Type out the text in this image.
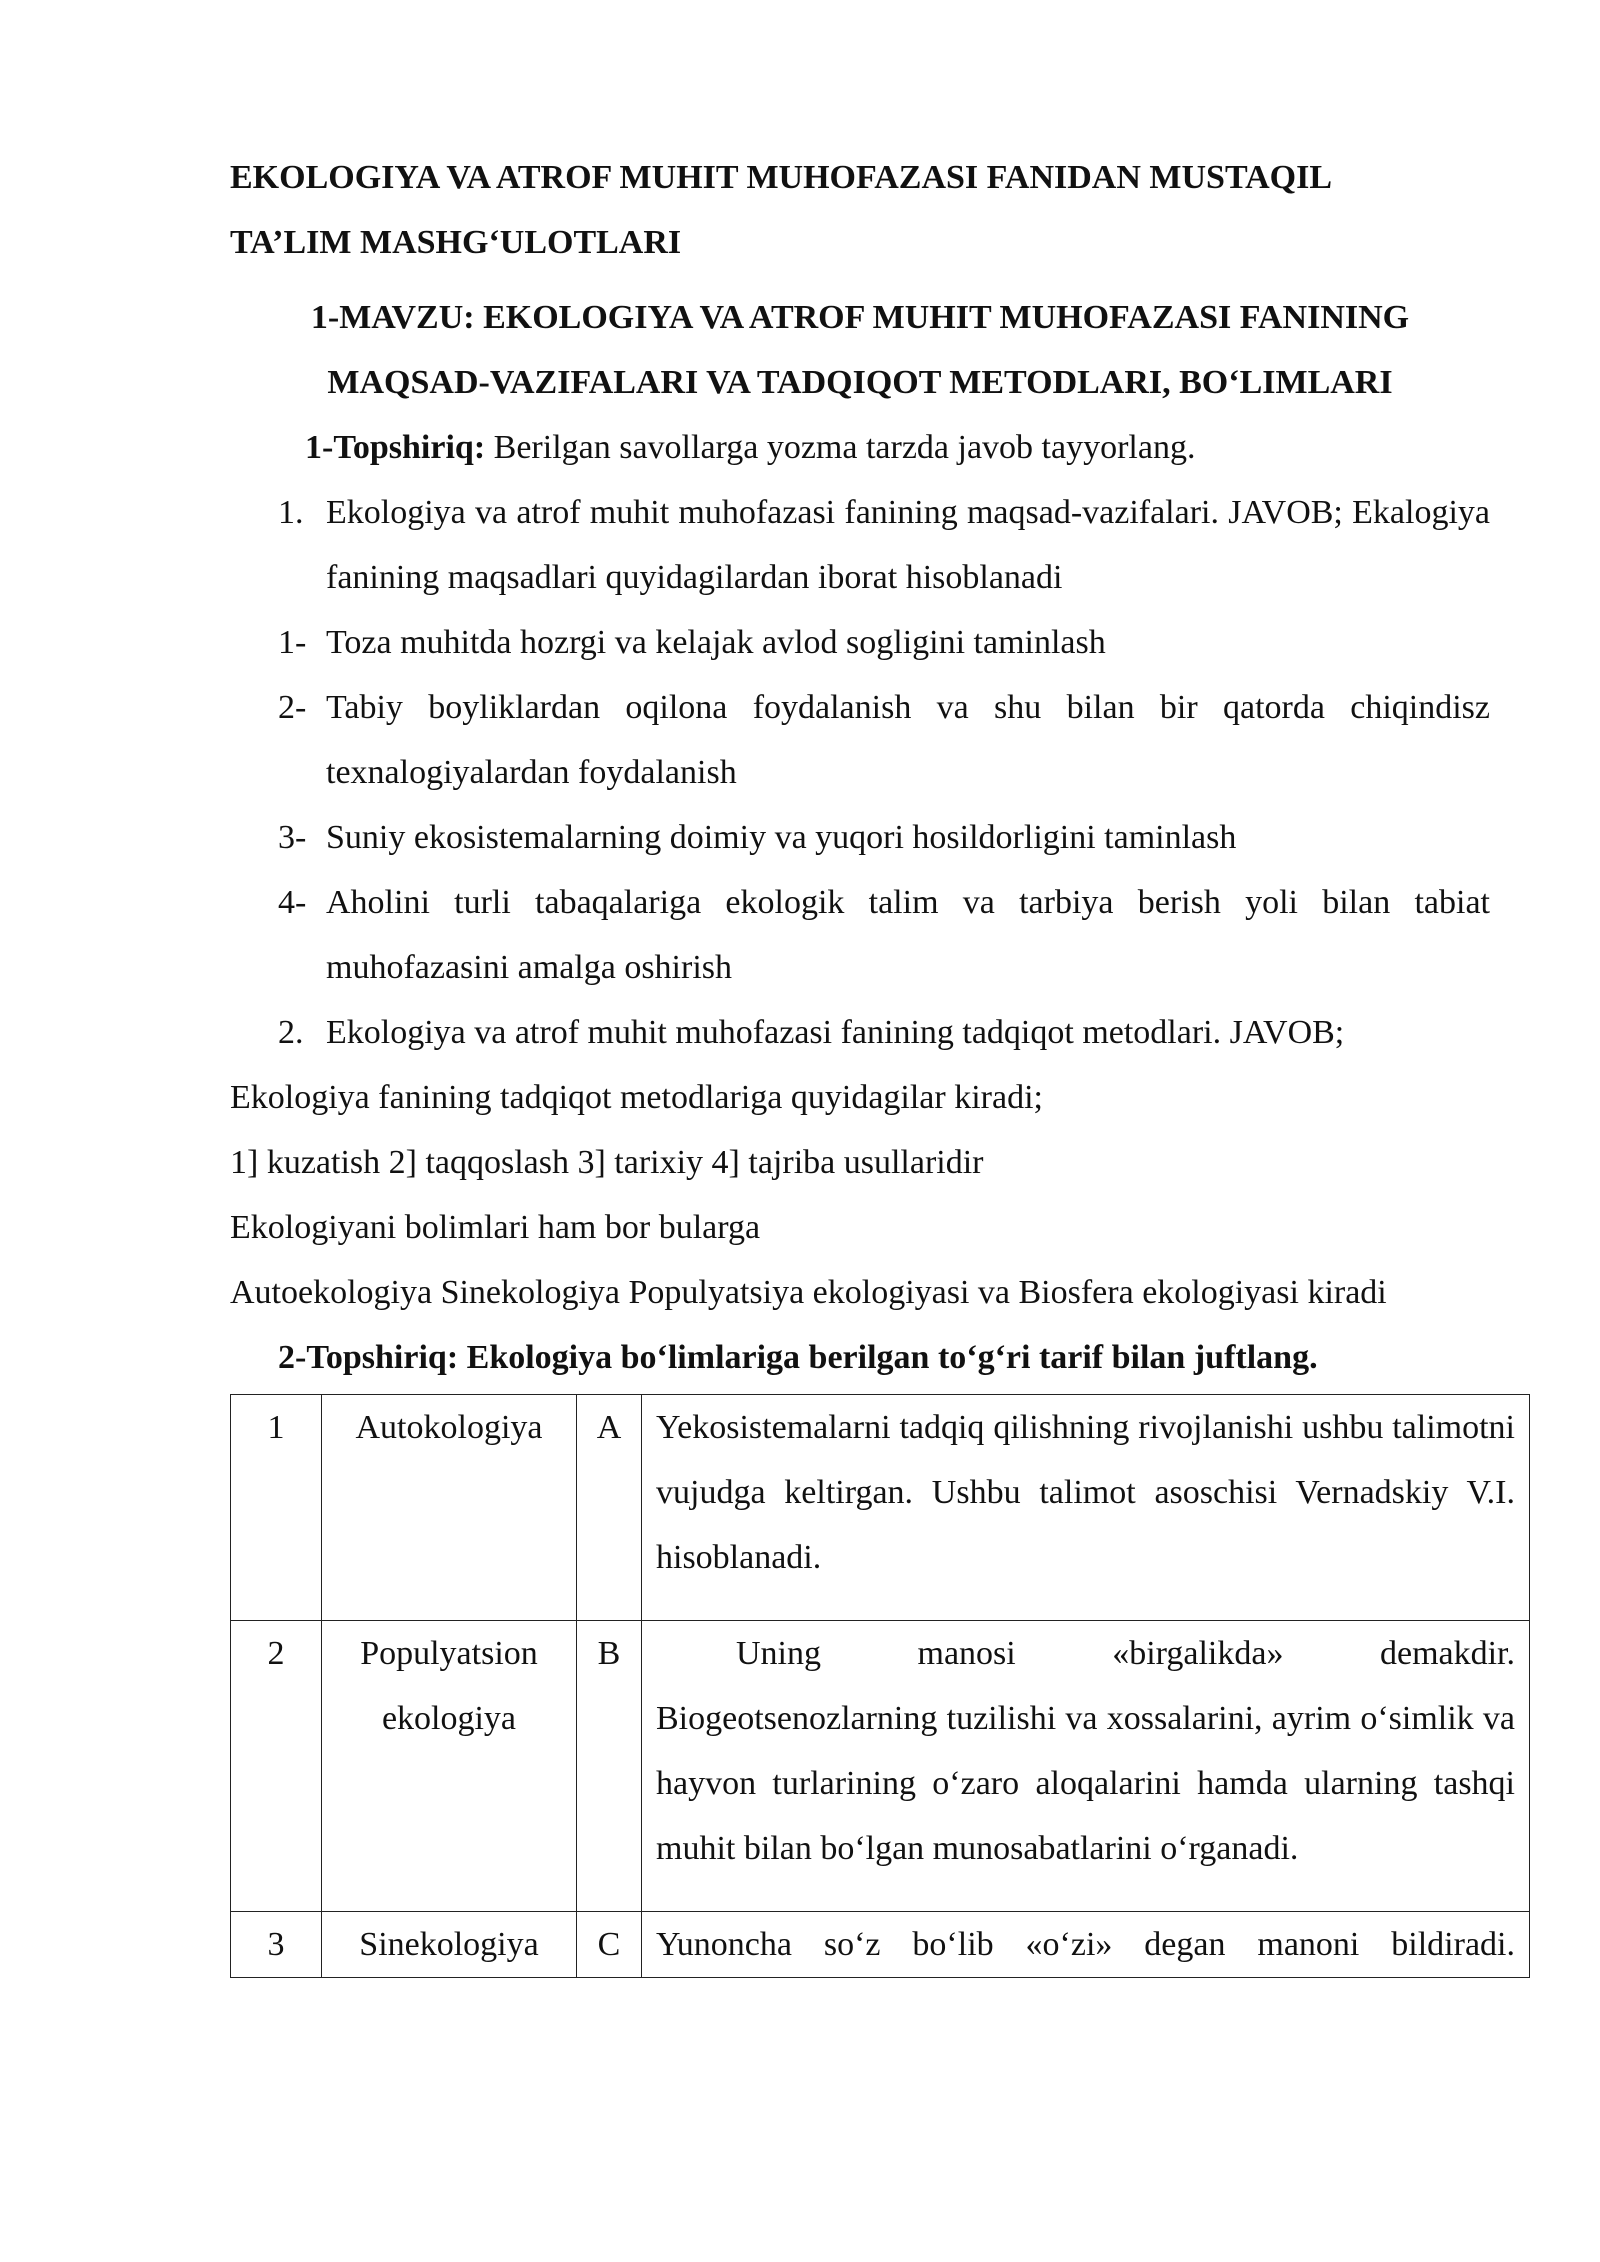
EKOLOGIYA VA ATROF MUHIT MUHOFAZASI FANIDAN MUSTAQIL
TA’LIM MASHG‘ULOTLARI

1-MAVZU: EKOLOGIYA VA ATROF MUHIT MUHOFAZASI FANINING
MAQSAD-VAZIFALARI VA TADQIQOT METODLARI, BO‘LIMLARI

1-Topshiriq: Berilgan savollarga yozma tarzda javob tayyorlang.

1. Ekologiya va atrof muhit muhofazasi fanining maqsad-vazifalari. JAVOB; Ekalogiya fanining maqsadlari quyidagilardan iborat hisoblanadi
1- Toza muhitda hozrgi va kelajak avlod sogligini taminlash
2- Tabiy boyliklardan oqilona foydalanish va shu bilan bir qatorda chiqindisz texnalogiyalardan foydalanish
3- Suniy ekosistemalarning doimiy va yuqori hosildorligini taminlash
4- Aholini turli tabaqalariga ekologik talim va tarbiya berish yoli bilan tabiat muhofazasini amalga oshirish
2. Ekologiya va atrof muhit muhofazasi fanining tadqiqot metodlari. JAVOB;

Ekologiya fanining tadqiqot metodlariga quyidagilar kiradi;

1] kuzatish 2] taqqoslash 3] tarixiy 4] tajriba usullaridir

Ekologiyani bolimlari ham bor bularga

Autoekologiya Sinekologiya Populyatsiya ekologiyasi va Biosfera ekologiyasi kiradi

2-Topshiriq: Ekologiya bo‘limlariga berilgan to‘g‘ri tarif bilan juftlang.

1	Autokologiya	A	Yekosistemalarni tadqiq qilishning rivojlanishi ushbu talimotni vujudga keltirgan. Ushbu talimot asoschisi Vernadskiy V.I. hisoblanadi.

2	Populyatsion ekologiya	B	Uning manosi «birgalikda» demakdir. Biogeotsenozlarning tuzilishi va xossalarini, ayrim o‘simlik va hayvon turlarining o‘zaro aloqalarini hamda ularning tashqi muhit bilan bo‘lgan munosabatlarini o‘rganadi.

3	Sinekologiya	C	Yunoncha so‘z bo‘lib «o‘zi» degan manoni bildiradi.
